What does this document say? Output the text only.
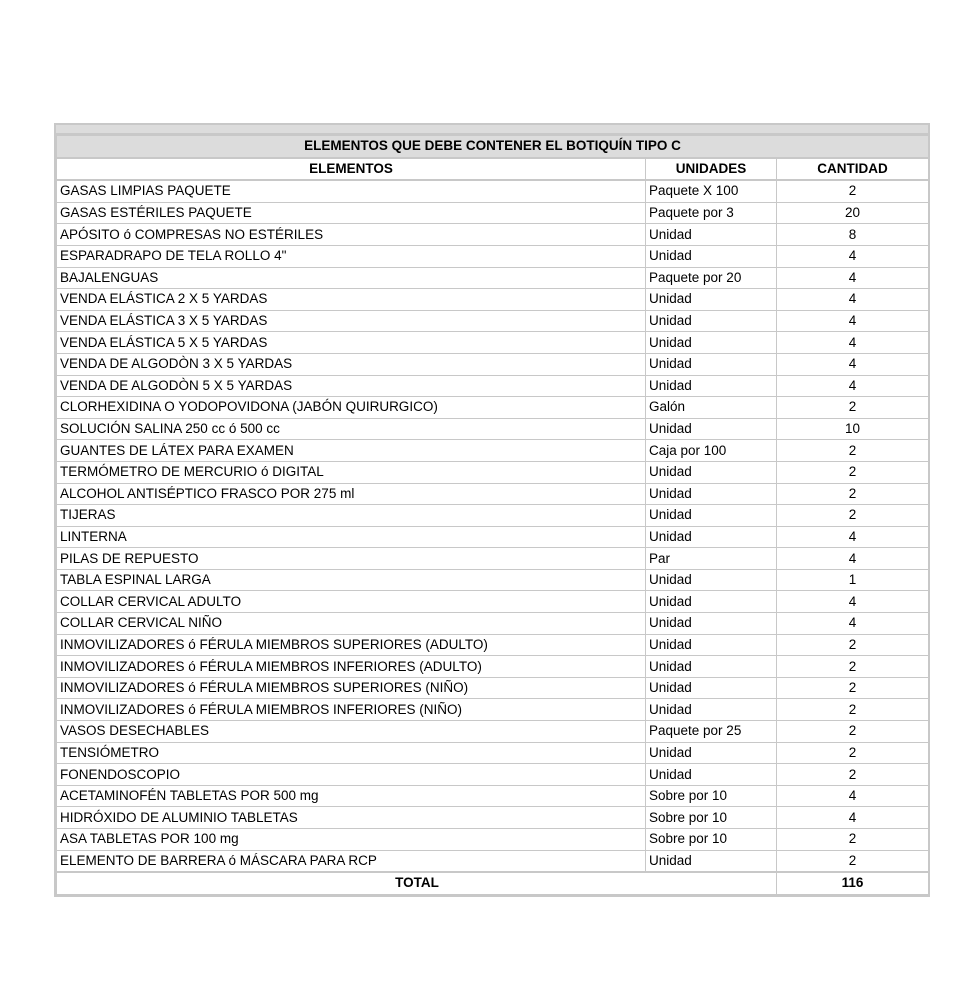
ELEMENTOS QUE DEBE CONTENER EL BOTIQUÍN TIPO C		
ELEMENTOS	UNIDADES	CANTIDAD
GASAS LIMPIAS PAQUETE	Paquete X 100	2
GASAS ESTÉRILES PAQUETE	Paquete por 3	20
APÓSITO ó COMPRESAS NO ESTÉRILES	Unidad	8
ESPARADRAPO DE TELA ROLLO 4"	Unidad	4
BAJALENGUAS	Paquete por 20	4
VENDA ELÁSTICA 2 X 5 YARDAS	Unidad	4
VENDA ELÁSTICA 3 X 5 YARDAS	Unidad	4
VENDA ELÁSTICA 5 X 5 YARDAS	Unidad	4
VENDA DE ALGODÒN 3 X 5 YARDAS	Unidad	4
VENDA DE ALGODÒN 5 X 5 YARDAS	Unidad	4
CLORHEXIDINA O YODOPOVIDONA (JABÓN QUIRURGICO)	Galón	2
SOLUCIÓN SALINA 250 cc ó 500 cc	Unidad	10
GUANTES DE LÁTEX PARA EXAMEN	Caja por 100	2
TERMÓMETRO DE MERCURIO ó DIGITAL	Unidad	2
ALCOHOL ANTISÉPTICO FRASCO POR 275 ml	Unidad	2
TIJERAS	Unidad	2
LINTERNA	Unidad	4
PILAS DE REPUESTO	Par	4
TABLA ESPINAL LARGA	Unidad	1
COLLAR CERVICAL ADULTO	Unidad	4
COLLAR CERVICAL NIÑO	Unidad	4
INMOVILIZADORES ó FÉRULA MIEMBROS SUPERIORES (ADULTO)	Unidad	2
INMOVILIZADORES ó FÉRULA MIEMBROS INFERIORES (ADULTO)	Unidad	2
INMOVILIZADORES ó FÉRULA MIEMBROS SUPERIORES (NIÑO)	Unidad	2
INMOVILIZADORES ó FÉRULA MIEMBROS INFERIORES (NIÑO)	Unidad	2
VASOS DESECHABLES	Paquete por 25	2
TENSIÓMETRO	Unidad	2
FONENDOSCOPIO	Unidad	2
ACETAMINOFÉN TABLETAS POR 500 mg	Sobre por 10	4
HIDRÓXIDO DE ALUMINIO TABLETAS	Sobre por 10	4
ASA TABLETAS POR 100 mg	Sobre por 10	2
ELEMENTO DE BARRERA ó MÁSCARA PARA RCP	Unidad	2

TOTAL		116
